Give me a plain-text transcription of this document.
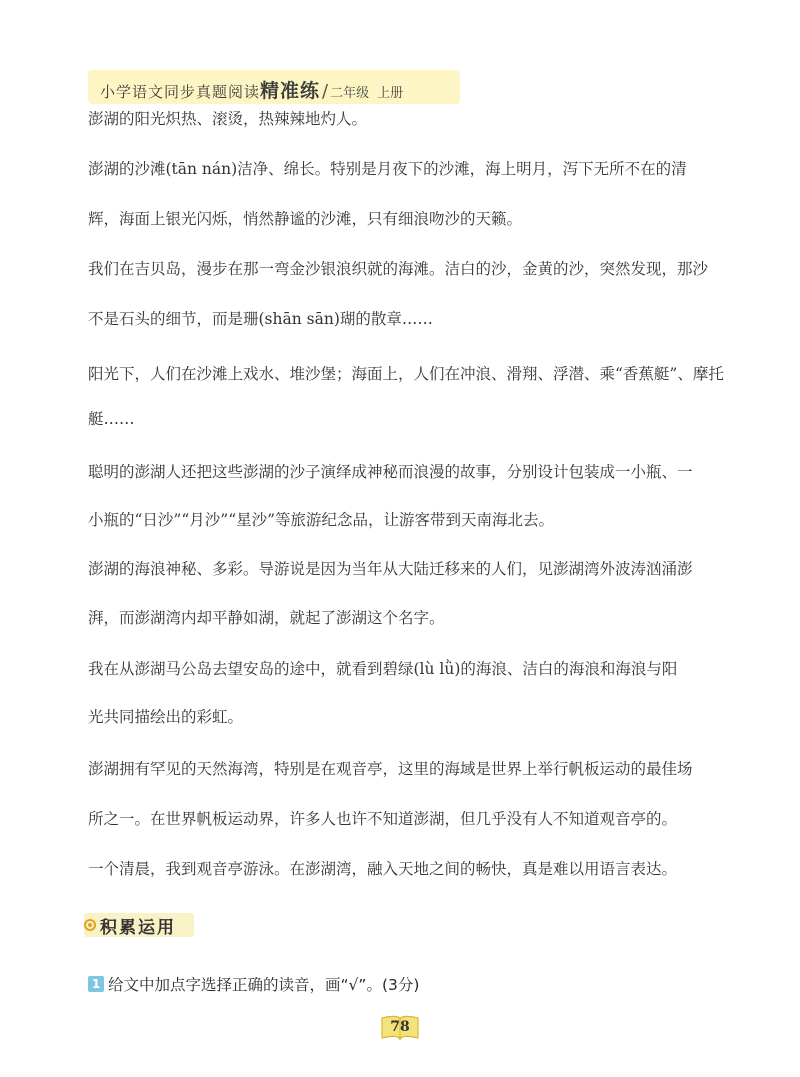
小学语文同步真题阅读 精准练 / 二年级 上册
澎湖的阳光炽热、滚烫，热辣辣地灼人。
澎湖的沙滩(tān nán)洁净、绵长。特别是月夜下的沙滩，海上明月，泻下无所不在的清
辉，海面上银光闪烁，悄然静谧的沙滩，只有细浪吻沙的天籁。
我们在吉贝岛，漫步在那一弯金沙银浪织就的海滩。洁白的沙，金黄的沙，突然发现，那沙
不是石头的细节，而是珊(shān sān)瑚的散章……
阳光下，人们在沙滩上戏水、堆沙堡；海面上，人们在冲浪、滑翔、浮潜、乘“香蕉艇”、摩托
艇……
聪明的澎湖人还把这些澎湖的沙子演绎成神秘而浪漫的故事，分别设计包装成一小瓶、一
小瓶的“日沙”“月沙”“星沙”等旅游纪念品，让游客带到天南海北去。
澎湖的海浪神秘、多彩。导游说是因为当年从大陆迁移来的人们，见澎湖湾外波涛汹涌澎
湃，而澎湖湾内却平静如湖，就起了澎湖这个名字。
我在从澎湖马公岛去望安岛的途中，就看到碧绿(lù lǜ)的海浪、洁白的海浪和海浪与阳
光共同描绘出的彩虹。
澎湖拥有罕见的天然海湾，特别是在观音亭，这里的海域是世界上举行帆板运动的最佳场
所之一。在世界帆板运动界，许多人也许不知道澎湖，但几乎没有人不知道观音亭的。
一个清晨，我到观音亭游泳。在澎湖湾，融入天地之间的畅快，真是难以用语言表达。
积累运用
1 给文中加点字选择正确的读音，画“√”。(3分)
78
